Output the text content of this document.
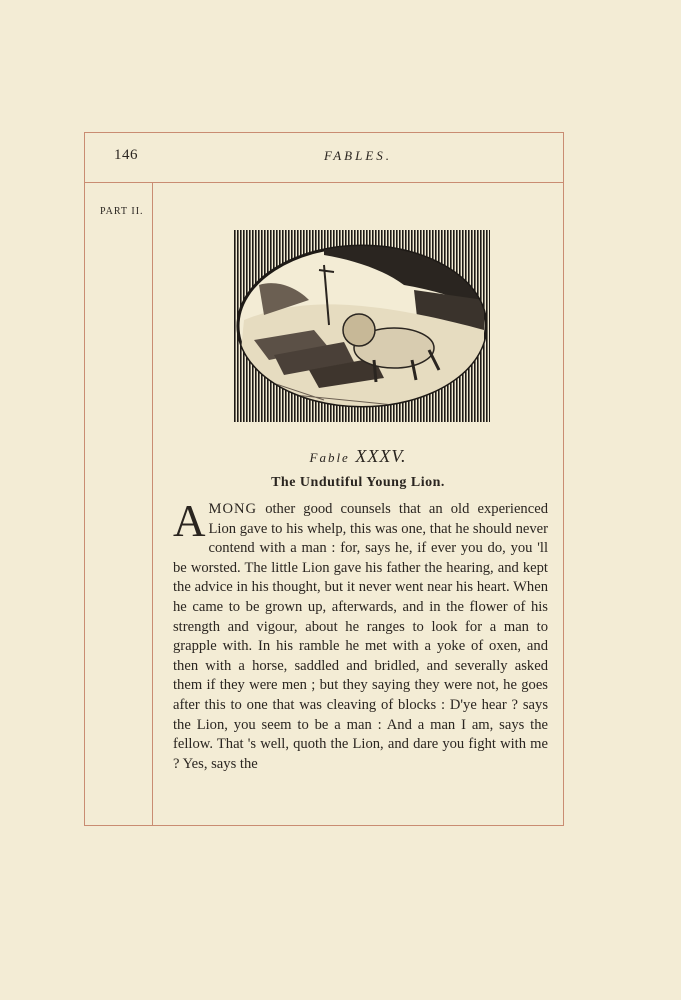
146	FABLES.
PART II.
Fable XXXV.
The Undutiful Young Lion.

AMONG other good counsels that an old experienced Lion gave to his whelp, this was one, that he should never contend with a man : for, says he, if ever you do, you 'll be worsted. The little Lion gave his father the hearing, and kept the advice in his thought, but it never went near his heart. When he came to be grown up, afterwards, and in the flower of his strength and vigour, about he ranges to look for a man to grapple with. In his ramble he met with a yoke of oxen, and then with a horse, saddled and bridled, and severally asked them if they were men ; but they saying they were not, he goes after this to one that was cleaving of blocks : D'ye hear ? says the Lion, you seem to be a man : And a man I am, says the fellow. That 's well, quoth the Lion, and dare you fight with me ? Yes, says the
